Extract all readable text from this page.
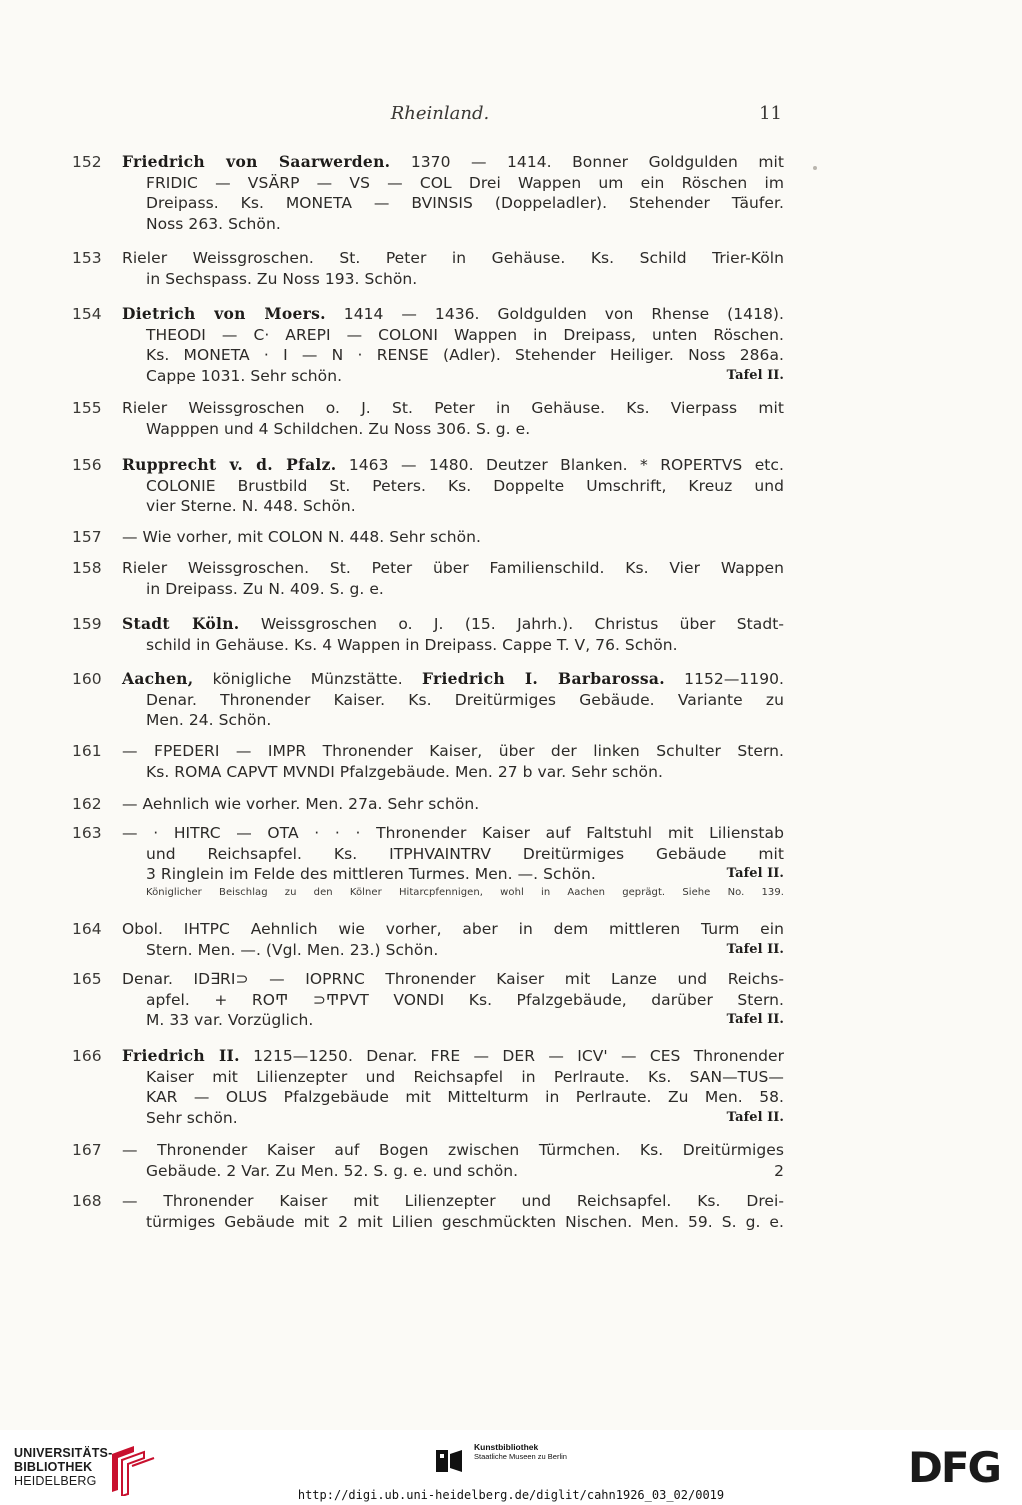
Rheinland.	11
152	Friedrich von Saarwerden. 1370 — 1414. Bonner Goldgulden mit
FRIDIC — VSÄRP — VS — COL Drei Wappen um ein Röschen im
Dreipass. Ks. MONETA — BVINSIS (Doppeladler). Stehender Täufer.
Noss 263. Schön.
153	Rieler Weissgroschen. St. Peter in Gehäuse. Ks. Schild Trier-Köln
in Sechspass. Zu Noss 193. Schön.
154	Dietrich von Moers. 1414 — 1436. Goldgulden von Rhense (1418).
THEODI — C· AREPI — COLONI Wappen in Dreipass, unten Röschen.
Ks. MONETA · I — N · RENSE (Adler). Stehender Heiliger. Noss 286a.
Cappe 1031. Sehr schön.	Tafel II.
155	Rieler Weissgroschen o. J. St. Peter in Gehäuse. Ks. Vierpass mit
Wapppen und 4 Schildchen. Zu Noss 306. S. g. e.
156	Rupprecht v. d. Pfalz. 1463 — 1480. Deutzer Blanken. * ROPERTVS etc.
COLONIE Brustbild St. Peters. Ks. Doppelte Umschrift, Kreuz und
vier Sterne. N. 448. Schön.
157	— Wie vorher, mit COLON N. 448. Sehr schön.
158	Rieler Weissgroschen. St. Peter über Familienschild. Ks. Vier Wappen
in Dreipass. Zu N. 409. S. g. e.
159	Stadt Köln. Weissgroschen o. J. (15. Jahrh.). Christus über Stadt-
schild in Gehäuse. Ks. 4 Wappen in Dreipass. Cappe T. V, 76. Schön.
160	Aachen, königliche Münzstätte. Friedrich I. Barbarossa. 1152—1190.
Denar. Thronender Kaiser. Ks. Dreitürmiges Gebäude. Variante zu
Men. 24. Schön.
161	— FPEDERI — IMPR Thronender Kaiser, über der linken Schulter Stern.
Ks. ROMA CAPVT MVNDI Pfalzgebäude. Men. 27 b var. Sehr schön.
162	— Aehnlich wie vorher. Men. 27a. Sehr schön.
163	— · HITRC — OTA · · · Thronender Kaiser auf Faltstuhl mit Lilienstab
und Reichsapfel. Ks. ITPHVAINTRV Dreitürmiges Gebäude mit
3 Ringlein im Felde des mittleren Turmes. Men. —. Schön.	Tafel II.
Königlicher Beischlag zu den Kölner Hitarcpfennigen, wohl in Aachen geprägt. Siehe No. 139.
164	Obol. IHTPC Aehnlich wie vorher, aber in dem mittleren Turm ein
Stern. Men. —. (Vgl. Men. 23.) Schön.	Tafel II.
165	Denar. ID∃RI⊃ — IOPRNC Thronender Kaiser mit Lanze und Reichs-
apfel. + ROͲ ⊃ͲPVT VONDI Ks. Pfalzgebäude, darüber Stern.
M. 33 var. Vorzüglich.	Tafel II.
166	Friedrich II. 1215—1250. Denar. FRE — DER — ICV' — CES Thronender
Kaiser mit Lilienzepter und Reichsapfel in Perlraute. Ks. SAN—TUS—
KAR — OLUS Pfalzgebäude mit Mittelturm in Perlraute. Zu Men. 58.
Sehr schön.	Tafel II.
167	— Thronender Kaiser auf Bogen zwischen Türmchen. Ks. Dreitürmiges
Gebäude. 2 Var. Zu Men. 52. S. g. e. und schön.	2
168	— Thronender Kaiser mit Lilienzepter und Reichsapfel. Ks. Drei-
türmiges Gebäude mit 2 mit Lilien geschmückten Nischen. Men. 59. S. g. e.
UNIVERSITÄTS-
BIBLIOTHEK
HEIDELBERG
Kunstbibliothek
Staatliche Museen zu Berlin	DFG
http://digi.ub.uni-heidelberg.de/diglit/cahn1926_03_02/0019
